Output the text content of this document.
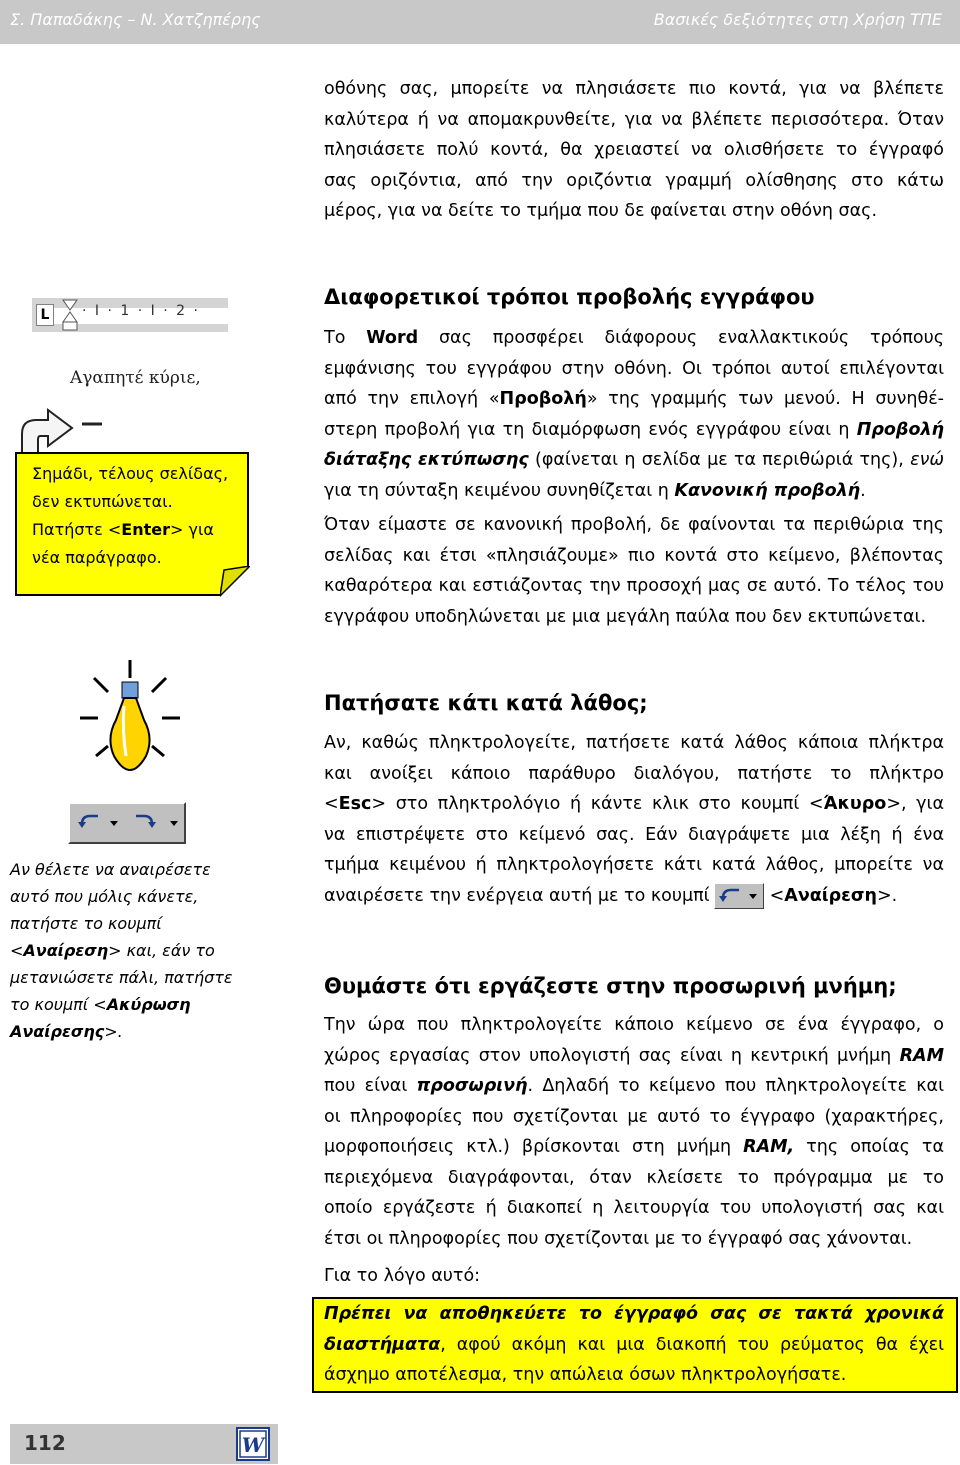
Σ. Παπαδάκης – Ν. Χατζηπέρης	Βασικές δεξιότητες στη Χρήση ΤΠΕ
οθόνης σας, μπορείτε να πλησιάσετε πιο κοντά, για να βλέπετε
καλύτερα ή να απομακρυνθείτε, για να βλέπετε περισσότερα. Όταν
πλησιάσετε πολύ κοντά, θα χρειαστεί να ολισθήσετε το έγγραφό
σας οριζόντια, από την οριζόντια γραμμή ολίσθησης στο κάτω
μέρος, για να δείτε το τμήμα που δε φαίνεται στην οθόνη σας.
L	· I · 1 · I · 2 ·
Αγαπητέ κύριε,
Σημάδι, τέλους σελίδας,
δεν εκτυπώνεται.
Πατήστε <Enter> για
νέα παράγραφο.
Διαφορετικοί τρόποι προβολής εγγράφου
Το Word σας προσφέρει διάφορους εναλλακτικούς τρόπους
εμφάνισης του εγγράφου στην οθόνη. Οι τρόποι αυτοί επιλέγονται
από την επιλογή «Προβολή» της γραμμής των μενού. Η συνηθέ-
στερη προβολή για τη διαμόρφωση ενός εγγράφου είναι η Προβολή
διάταξης εκτύπωσης (φαίνεται η σελίδα με τα περιθώριά της), ενώ
για τη σύνταξη κειμένου συνηθίζεται η Κανονική προβολή.
Όταν είμαστε σε κανονική προβολή, δε φαίνονται τα περιθώρια της
σελίδας και έτσι «πλησιάζουμε» πιο κοντά στο κείμενο, βλέποντας
καθαρότερα και εστιάζοντας την προσοχή μας σε αυτό. Το τέλος του
εγγράφου υποδηλώνεται με μια μεγάλη παύλα που δεν εκτυπώνεται.
Αν θέλετε να αναιρέσετε
αυτό που μόλις κάνετε,
πατήστε το κουμπί
<Αναίρεση> και, εάν το
μετανιώσετε πάλι, πατήστε
το κουμπί <Ακύρωση
Αναίρεσης>.
Πατήσατε κάτι κατά λάθος;
Αν, καθώς πληκτρολογείτε, πατήσετε κατά λάθος κάποια πλήκτρα
και ανοίξει κάποιο παράθυρο διαλόγου, πατήστε το πλήκτρο
<Esc> στο πληκτρολόγιο ή κάντε κλικ στο κουμπί <Άκυρο>, για
να επιστρέψετε στο κείμενό σας. Εάν διαγράψετε μια λέξη ή ένα
τμήμα κειμένου ή πληκτρολογήσετε κάτι κατά λάθος, μπορείτε να
αναιρέσετε την ενέργεια αυτή με το κουμπί	<Αναίρεση>.
Θυμάστε ότι εργάζεστε στην προσωρινή μνήμη;
Την ώρα που πληκτρολογείτε κάποιο κείμενο σε ένα έγγραφο, ο
χώρος εργασίας στον υπολογιστή σας είναι η κεντρική μνήμη RAM
που είναι προσωρινή. Δηλαδή το κείμενο που πληκτρολογείτε και
οι πληροφορίες που σχετίζονται με αυτό το έγγραφο (χαρακτήρες,
μορφοποιήσεις κτλ.) βρίσκονται στη μνήμη RAM, της οποίας τα
περιεχόμενα διαγράφονται, όταν κλείσετε το πρόγραμμα με το
οποίο εργάζεστε ή διακοπεί η λειτουργία του υπολογιστή σας και
έτσι οι πληροφορίες που σχετίζονται με το έγγραφό σας χάνονται.
Για το λόγο αυτό:
Πρέπει να αποθηκεύετε το έγγραφό σας σε τακτά χρονικά
διαστήματα, αφού ακόμη και μια διακοπή του ρεύματος θα έχει
άσχημο αποτέλεσμα, την απώλεια όσων πληκτρολογήσατε.
112	W
